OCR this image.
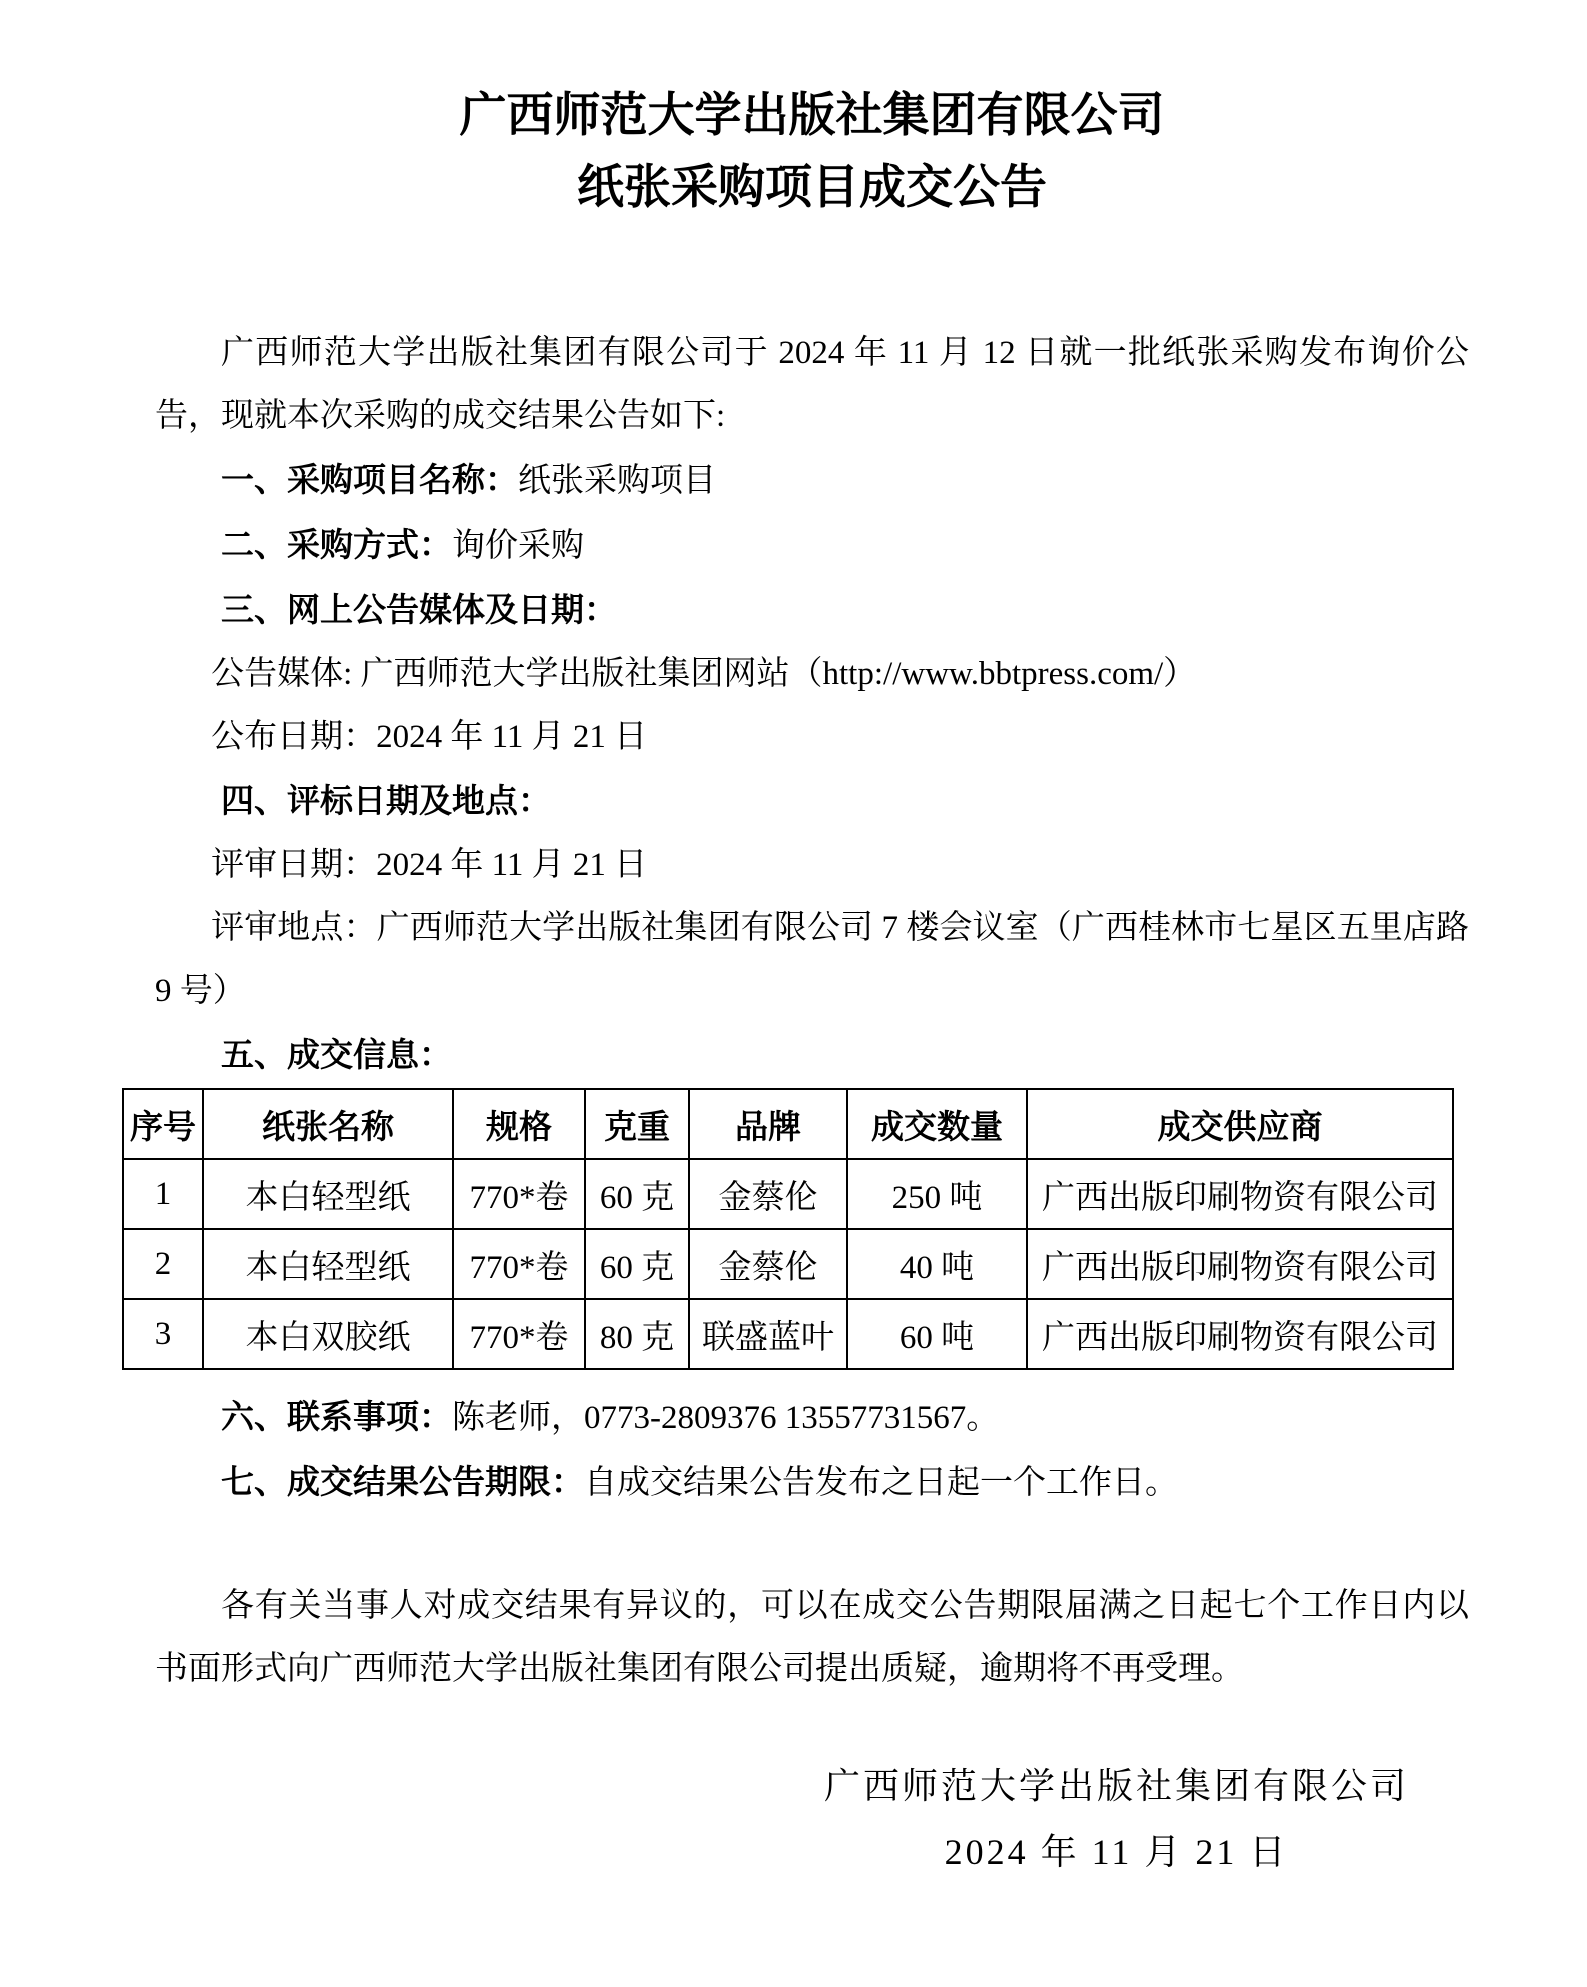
广西师范大学出版社集团有限公司
纸张采购项目成交公告

广西师范大学出版社集团有限公司于 2024 年 11 月 12 日就一批纸张采购发布询价公告，现就本次采购的成交结果公告如下:

一、采购项目名称：纸张采购项目

二、采购方式：询价采购

三、网上公告媒体及日期：

公告媒体: 广西师范大学出版社集团网站（http://www.bbtpress.com/）

公布日期：2024 年 11 月 21 日

四、评标日期及地点：

评审日期：2024 年 11 月 21 日

评审地点：广西师范大学出版社集团有限公司 7 楼会议室（广西桂林市七星区五里店路 9 号）

五、成交信息：

序号	纸张名称	规格	克重	品牌	成交数量	成交供应商
1	本白轻型纸	770*卷	60 克	金蔡伦	250 吨	广西出版印刷物资有限公司
2	本白轻型纸	770*卷	60 克	金蔡伦	40 吨	广西出版印刷物资有限公司
3	本白双胶纸	770*卷	80 克	联盛蓝叶	60 吨	广西出版印刷物资有限公司

六、联系事项：陈老师，0773-2809376 13557731567。

七、成交结果公告期限：自成交结果公告发布之日起一个工作日。

各有关当事人对成交结果有异议的，可以在成交公告期限届满之日起七个工作日内以书面形式向广西师范大学出版社集团有限公司提出质疑，逾期将不再受理。

广西师范大学出版社集团有限公司
2024 年 11 月 21 日
